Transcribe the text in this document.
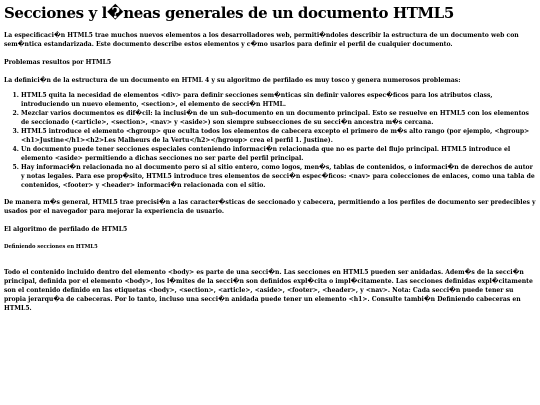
Secciones y l�neas generales de un documento HTML5

La especificaci�n HTML5 trae muchos nuevos elementos a los desarrolladores web, permiti�ndoles describir la estructura de un documento web con sem�ntica estandarizada. Este documento describe estos elementos y c�mo usarlos para definir el perfil de cualquier documento.

Problemas resultos por HTML5

La definici�n de la estructura de un documento en HTML 4 y su algoritmo de perfilado es muy tosco y genera numerosos problemas:

1. HTML5 quita la necesidad de elementos <div> para definir secciones sem�nticas sin definir valores espec�ficos para los atributos class, introduciendo un nuevo elemento, <section>, el elemento de secci�n HTML.
2. Mezclar varios documentos es dif�cil: la inclusi�n de un sub-documento en un documento principal. Esto se resuelve en HTML5 con los elementos de seccionado (<article>, <section>, <nav> y <aside>) son siempre subsecciones de su secci�n ancestra m�s cercana.
3. HTML5 introduce el elemento <hgroup> que oculta todos los elementos de cabecera excepto el primero de m�s alto rango (por ejemplo, <hgroup><h1>Justine</h1><h2>Les Malheurs de la Vertu</h2></hgroup> crea el perfil 1. Justine).
4. Un documento puede tener secciones especiales conteniendo informaci�n relacionada que no es parte del flujo principal. HTML5 introduce el elemento <aside> permitiendo a dichas secciones no ser parte del perfil principal.
5. Hay informaci�n relacionada no al documento pero si al sitio entero, como logos, men�s, tablas de contenidos, o informaci�n de derechos de autor y notas legales. Para ese prop�sito, HTML5 introduce tres elementos de secci�n espec�ficos: <nav> para colecciones de enlaces, como una tabla de contenidos, <footer> y <header> informaci�n relacionada con el sitio.

De manera m�s general, HTML5 trae precisi�n a las caracter�sticas de seccionado y cabecera, permitiendo a los perfiles de documento ser predecibles y usados por el navegador para mejorar la experiencia de usuario.

El algoritmo de perfilado de HTML5
Definiendo secciones en HTML5

Todo el contenido incluido dentro del elemento <body> es parte de una secci�n. Las secciones en HTML5 pueden ser anidadas. Adem�s de la secci�n principal, definida por el elemento <body>, los l�mites de la secci�n son definidos expl�cita o impl�citamente. Las secciones definidas expl�citamente son el contenido definido en las etiquetas <body>, <section>, <article>, <aside>, <footer>, <header>, y <nav>. Nota: Cada secci�n puede tener su propia jerarqu�a de cabeceras. Por lo tanto, incluso una secci�n anidada puede tener un elemento <h1>. Consulte tambi�n Definiendo cabeceras en HTML5.
